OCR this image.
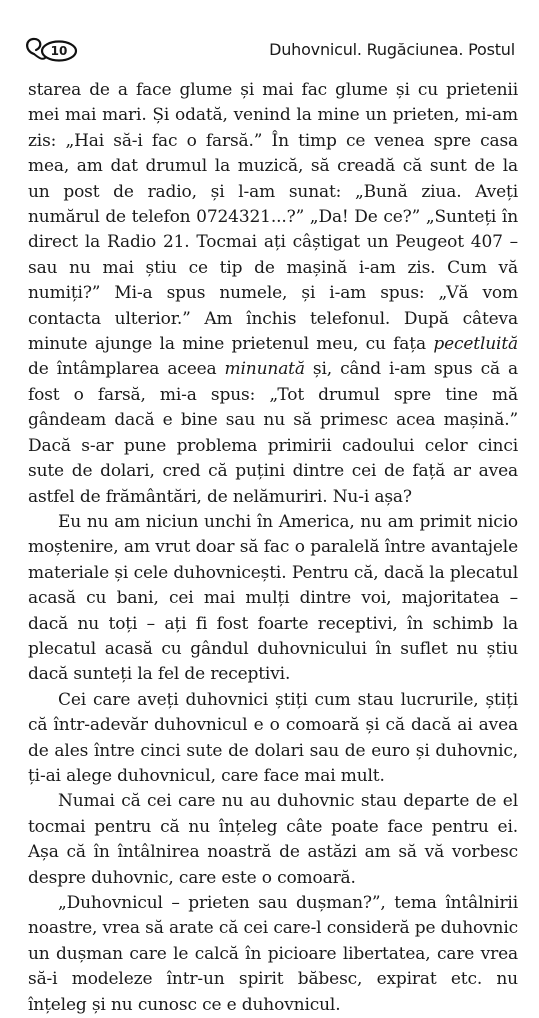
10	Duhovnicul. Rugăciunea. Postul

starea de a face glume și mai fac glume și cu prietenii mei mai mari. Și odată, venind la mine un prieten, mi-am zis: „Hai să-i fac o farsă.” În timp ce venea spre casa mea, am dat drumul la muzică, să creadă că sunt de la un post de radio, și l-am sunat: „Bună ziua. Aveți numărul de telefon 0724321...?” „Da! De ce?” „Sunteți în direct la Radio 21. Tocmai ați câștigat un Peugeot 407 – sau nu mai știu ce tip de mașină i-am zis. Cum vă numiți?” Mi-a spus numele, și i-am spus: „Vă vom contacta ulterior.” Am închis telefonul. După câteva minute ajunge la mine prietenul meu, cu fața pecetluită de întâmplarea aceea minunată și, când i-am spus că a fost o farsă, mi-a spus: „Tot drumul spre tine mă gândeam dacă e bine sau nu să primesc acea mașină.” Dacă s-ar pune problema primirii cadoului celor cinci sute de dolari, cred că puțini dintre cei de față ar avea astfel de frământări, de nelămuriri. Nu-i așa?

Eu nu am niciun unchi în America, nu am primit nicio moștenire, am vrut doar să fac o paralelă între avantajele materiale și cele duhovnicești. Pentru că, dacă la plecatul acasă cu bani, cei mai mulți dintre voi, majoritatea – dacă nu toți – ați fi fost foarte receptivi, în schimb la plecatul acasă cu gândul duhovnicului în suflet nu știu dacă sunteți la fel de receptivi.

Cei care aveți duhovnici știți cum stau lucrurile, știți că într-adevăr duhovnicul e o comoară și că dacă ai avea de ales între cinci sute de dolari sau de euro și duhovnic, ți-ai alege duhovnicul, care face mai mult.

Numai că cei care nu au duhovnic stau departe de el tocmai pentru că nu înțeleg câte poate face pentru ei. Așa că în întâlnirea noastră de astăzi am să vă vorbesc despre duhovnic, care este o comoară.

„Duhovnicul – prieten sau dușman?”, tema întâlnirii noastre, vrea să arate că cei care-l consideră pe duhovnic un dușman care le calcă în picioare libertatea, care vrea să-i modeleze într-un spirit băbesc, expirat etc. nu înțeleg și nu cunosc ce e duhovnicul.
